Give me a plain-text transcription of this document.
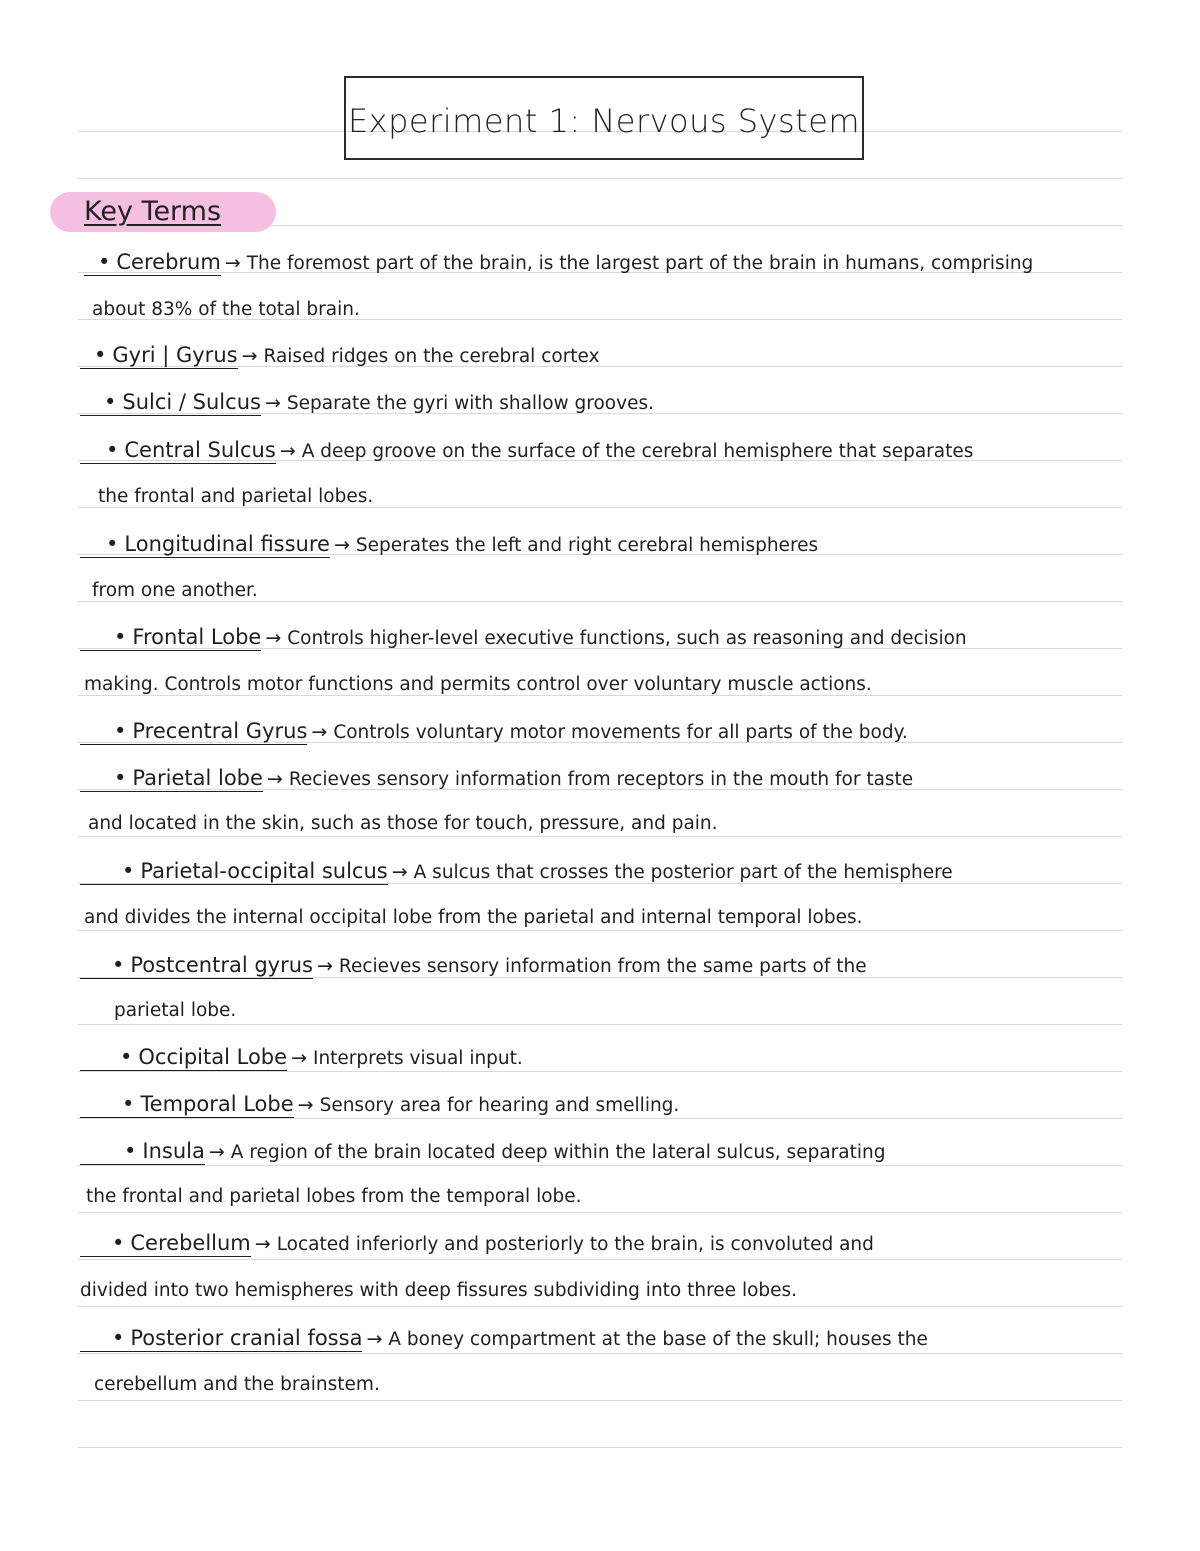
Experiment 1: Nervous System
Key Terms
• Cerebrum → The foremost part of the brain, is the largest part of the brain in humans, comprising
about 83% of the total brain.
• Gyri | Gyrus → Raised ridges on the cerebral cortex
• Sulci / Sulcus → Separate the gyri with shallow grooves.
• Central Sulcus → A deep groove on the surface of the cerebral hemisphere that separates
the frontal and parietal lobes.
• Longitudinal fissure → Seperates the left and right cerebral hemispheres
from one another.
• Frontal Lobe → Controls higher-level executive functions, such as reasoning and decision
making. Controls motor functions and permits control over voluntary muscle actions.
• Precentral Gyrus → Controls voluntary motor movements for all parts of the body.
• Parietal lobe → Recieves sensory information from receptors in the mouth for taste
and located in the skin, such as those for touch, pressure, and pain.
• Parietal-occipital sulcus → A sulcus that crosses the posterior part of the hemisphere
and divides the internal occipital lobe from the parietal and internal temporal lobes.
• Postcentral gyrus → Recieves sensory information from the same parts of the
parietal lobe.
• Occipital Lobe → Interprets visual input.
• Temporal Lobe → Sensory area for hearing and smelling.
• Insula → A region of the brain located deep within the lateral sulcus, separating
the frontal and parietal lobes from the temporal lobe.
• Cerebellum → Located inferiorly and posteriorly to the brain, is convoluted and
divided into two hemispheres with deep fissures subdividing into three lobes.
• Posterior cranial fossa → A boney compartment at the base of the skull; houses the
cerebellum and the brainstem.
